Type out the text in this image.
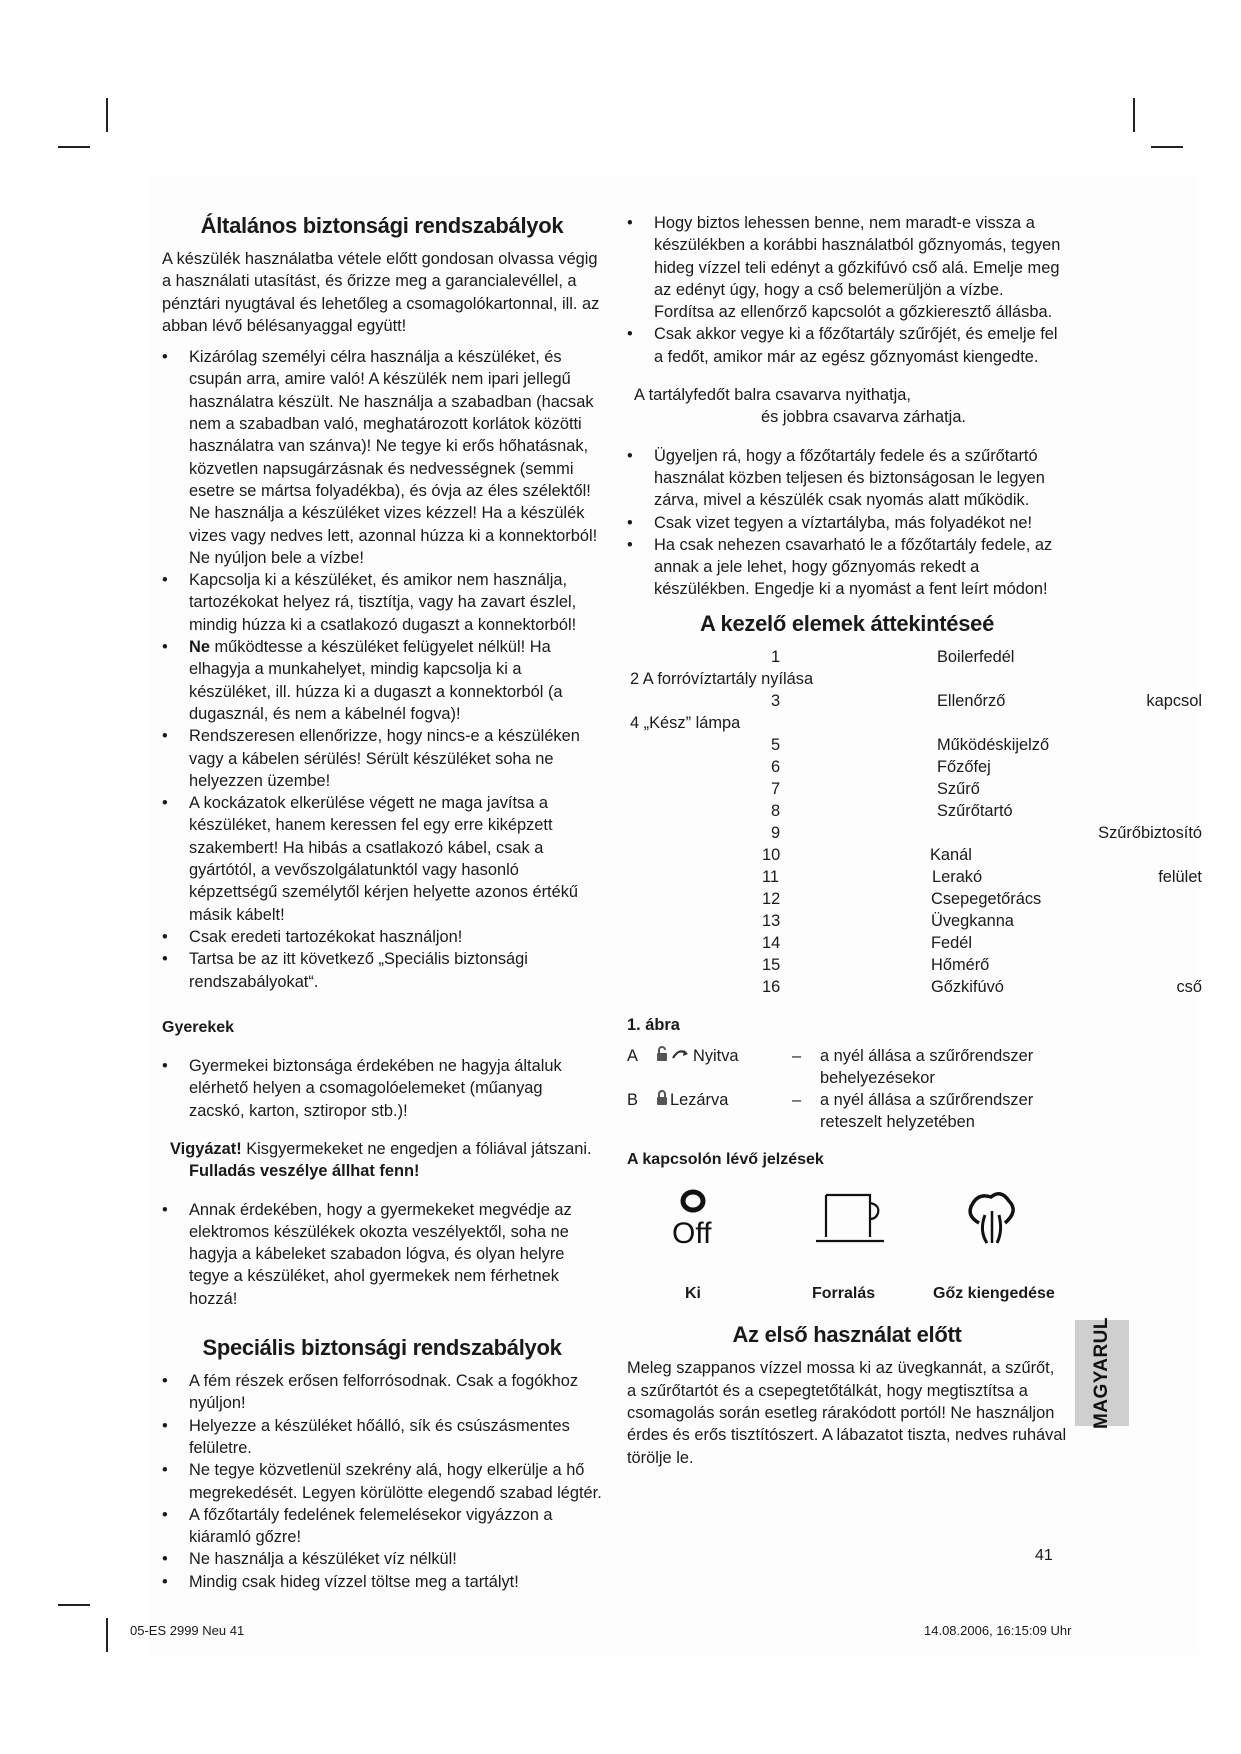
Általános biztonsági rendszabályok

A készülék használatba vétele előtt gondosan olvassa végig a használati utasítást, és őrizze meg a garancialevéllel, a pénztári nyugtával és lehetőleg a csomagolókartonnal, ill. az abban lévő bélésanyaggal együtt!

• Kizárólag személyi célra használja a készüléket, és csupán arra, amire való! A készülék nem ipari jellegű használatra készült. Ne használja a szabadban (hacsak nem a szabadban való, meghatározott korlátok közötti használatra van szánva)! Ne tegye ki erős hőhatásnak, közvetlen napsugárzásnak és nedvességnek (semmi esetre se mártsa folyadékba), és óvja az éles szélektől! Ne használja a készüléket vizes kézzel! Ha a készülék vizes vagy nedves lett, azonnal húzza ki a konnektorból! Ne nyúljon bele a vízbe!
• Kapcsolja ki a készüléket, és amikor nem használja, tartozékokat helyez rá, tisztítja, vagy ha zavart észlel, mindig húzza ki a csatlakozó dugaszt a konnektorból!
• Ne működtesse a készüléket felügyelet nélkül! Ha elhagyja a munkahelyet, mindig kapcsolja ki a készüléket, ill. húzza ki a dugaszt a konnektorból (a dugasznál, és nem a kábelnél fogva)!
• Rendszeresen ellenőrizze, hogy nincs-e a készüléken vagy a kábelen sérülés! Sérült készüléket soha ne helyezzen üzembe!
• A kockázatok elkerülése végett ne maga javítsa a készüléket, hanem keressen fel egy erre kiképzett szakembert! Ha hibás a csatlakozó kábel, csak a gyártótól, a vevőszolgálatunktól vagy hasonló képzettségű személytől kérjen helyette azonos értékű másik kábelt!
• Csak eredeti tartozékokat használjon!
• Tartsa be az itt következő „Speciális biztonsági rendszabályokat“.
Gyerekek
• Gyermekei biztonsága érdekében ne hagyja általuk elérhető helyen a csomagolóelemeket (műanyag zacskó, karton, sztiropor stb.)!

Vigyázat! Kisgyermekeket ne engedjen a fóliával játszani.

Fulladás veszélye állhat fenn!

• Annak érdekében, hogy a gyermekeket megvédje az elektromos készülékek okozta veszélyektől, soha ne hagyja a kábeleket szabadon lógva, és olyan helyre tegye a készüléket, ahol gyermekek nem férhetnek hozzá!
Speciális biztonsági rendszabályok
• A fém részek erősen felforrósodnak. Csak a fogókhoz nyúljon!
• Helyezze a készüléket hőálló, sík és csúszásmentes felületre.
• Ne tegye közvetlenül szekrény alá, hogy elkerülje a hő megrekedését. Legyen körülötte elegendő szabad légtér.
• A főzőtartály fedelének felemelésekor vigyázzon a kiáramló gőzre!
• Ne használja a készüléket víz nélkül!
• Mindig csak hideg vízzel töltse meg a tartályt!
• Hogy biztos lehessen benne, nem maradt-e vissza a készülékben a korábbi használatból gőznyomás, tegyen hideg vízzel teli edényt a gőzkifúvó cső alá. Emelje meg az edényt úgy, hogy a cső belemerüljön a vízbe. Fordítsa az ellenőrző kapcsolót a gőzkieresztő állásba.
• Csak akkor vegye ki a főzőtartály szűrőjét, és emelje fel a fedőt, amikor már az egész gőznyomást kiengedte.

A tartályfedőt balra csavarva nyithatja,

és jobbra csavarva zárhatja.

• Ügyeljen rá, hogy a főzőtartály fedele és a szűrőtartó használat közben teljesen és biztonságosan le legyen zárva, mivel a készülék csak nyomás alatt működik.
• Csak vizet tegyen a víztartályba, más folyadékot ne!
• Ha csak nehezen csavarható le a főzőtartály fedele, az annak a jele lehet, hogy gőznyomás rekedt a készülékben. Engedje ki a nyomást a fent leírt módon!
A kezelő elemek áttekintéseé
1	Boilerfedél
2 A forróvíztartály nyílása
3	Ellenőrző	kapcsol
4 „Kész” lámpa
5	Működéskijelző
6	Főzőfej
7	Szűrő
8	Szűrőtartó
9	Szűrőbiztosító
10	Kanál
11	Lerakó	felület
12	Csepegetőrács
13	Üvegkanna
14	Fedél
15	Hőmérő
16	Gőzkifúvó	cső
1. ábra
A	Nyitva	– a nyél állása a szűrőrendszer
behelyezésekor
B Lezárva	– a nyél állása a szűrőrendszer
reteszelt helyzetében
A kapcsolón lévő jelzések
Off
Ki	Forralás	Gőz kiengedése
Az első használat előtt

Meleg szappanos vízzel mossa ki az üvegkannát, a szűrőt, a szűrőtartót és a csepegtetőtálkát, hogy megtisztítsa a csomagolás során esetleg rárakódott portól! Ne használjon érdes és erős tisztítószert. A lábazatot tiszta, nedves ruhával törölje le.

MAGYARUL
41
05-ES 2999 Neu 41	14.08.2006, 16:15:09 Uhr
